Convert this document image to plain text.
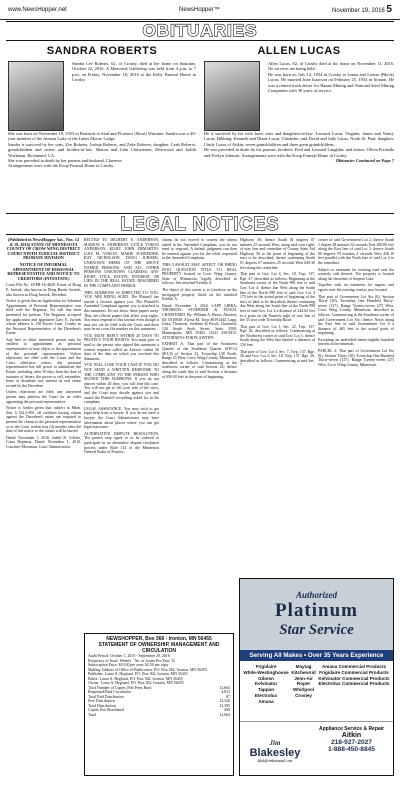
www.NewsHopper.net	NewsHopper™	November 19, 2016 5
OBITUARIES
SANDRA ROBERTS

Sandra Lee Roberts, 62, of Crosby, died at her home on Saturday, October 22, 2016. A Memorial Gathering was held from 4 p.m. to 7 p.m. on Friday, November 18, 2016 at the Kelly Funeral Home in Crosby.

She was born on November 18, 1953 in Brainerd to Stad and Florence (Short) Wimmer. Sandra was a 40-year member of the Ironton Lady of the Lakes Moose Lodge.

Sandra is survived by her sons, Zoe Roberts, Joshua Roberts, and Zeke Roberts; daughter, Leah Roberts; grandchildren and sisters and brother-in-law, Sharon and John Christensen, Deerwood and Judith Workman, Richmond, CA.

She was preceded in death by her parents and husband, Clarence.

Arrangements were with the Koop Funeral Home in Crosby.

ALLEN LUCAS

Allen Lucas, 82, of Crosby died at his home on November 11, 2016. No services are being held.

He was born on July 12, 1934 in Crosby to Lenus and Louise (Block) Lucas. He married June Isaacson on February 25, 1954 in Ironton. He was a retired truck driver for Hanna Mining and National Steel Mining Companies with 38 years of service.

He is survived by his wife June; sons and daughters-in-law: Leonard Lucas, Virginia; James and Nancy Lucas, Hibbing; Kenneth and Diane Lucas, Chisholm; and David and Judy Lucas, North St. Paul; daughter, Cindy Lucas of Aitkin; seven grandchildren and three great grandchildren.

He was preceded in death by his parents; brothers: Fred and Leonard Laughlin; and sisters: Olivia Puchalla and Evelyn Johnson. Arrangements were with the Koop Funeral Home in Crosby.

Obituaries Continued on Page 7

LEGAL NOTICES

(Published in NewsHopper Sat., Nov. 12 & 19, 2016) STATE OF MINNESOTA COUNTY OF CROW WING DISTRICT COURT NINTH JUDICIAL DISTRICT PROBATE DIVISION

NOTICE OF INFORMAL APPOINTMENT OF PERSONAL REPRESENTATIVE AND NOTICE TO CREDITORS (INTESTATE)

Court File No. 18-PR-16-4820. Estate of Doug E. Jurisek, also known as Doug Buster Jurisek, also known as Doug Jurisek, Decedent.

Notice is given that an Application for Informal Appointment of Personal Representative was filed with the Registrar. No will has been presented for probate. The Registrar accepted the application and appointed Gary E. Jurisek whose address is 130 Kuster Lane, Crosby as the Personal Representative of the Decedent's Estate.

Any heir or other interested person may be entitled to appointment as personal representative or may object to the appointment of the personal representative. Unless objections are filed with the Court and the Court otherwise orders, the personal representative has full power to administer the Estate, including, after 30 days from the date of issuance of letters, the power to sell, encumber, lease or distribute any interest in real estate owned by the Decedent.

Unless objections are filed, any interested person may petition the Court for an order appointing the personal representative.

Notice is further given that, subject to Minn. Stat. § 524.3-801, all creditors having claims against the Decedent's estate are required to present the claims to the personal representative or to the Court within four (4) months after the date of this notice or the claims will be barred.

Dated: November 1, 2016. Judith R. Collins, Court Registrar. Dated: November 1, 2016. Courtney Moorman, Court Administrator.

RECTED TO DELBERT E. ANDERSON, MARION S. ANDERSON, LYTLE YOKON ANDERSON, KILBY JOHN DEMARTIN, LOIS M. YOKON, MARIE SCHNEIDER, RAY NICHOLSON, DOUG JURISEK, UNKNOWN HEIRS OF THE ABOVE NAMED PERSONS, AND ALL OTHER PERSONS UNKNOWN CLAIMING ANY RIGHT, TITLE, ESTATE, INTEREST, OR LIEN IN THE REAL ESTATE DESCRIBED IN THE COMPLAINT HEREIN.

THIS SUMMONS IS DIRECTED TO YOU. YOU ARE BEING SUED. The Plaintiff has started a lawsuit against you. The Plaintiff's Amended Complaint against you is attached to this summons. Do not throw these papers away. They are official papers that affect your rights. You must respond to this lawsuit even though it may not yet be filed with the Court and there may be no court file number on this summons.

YOU MUST REPLY WITHIN 20 DAYS TO PROTECT YOUR RIGHTS. You must give or mail to the person who signed this summons a written response called an Answer within 20 days of the date on which you received this Summons.

YOU WILL LOSE YOUR CASE IF YOU DO NOT SEND A WRITTEN RESPONSE TO THE COMPLAINT TO THE PERSON WHO SIGNED THIS SUMMONS. If you do not answer within 20 days, you will lose this case. You will not get to tell your side of the story, and the Court may decide against you and award the Plaintiff everything asked for in the complaint.

LEGAL ASSISTANCE. You may wish to get legal help from a lawyer. If you do not have a lawyer, the Court Administrator may have information about places where you can get legal assistance.

ALTERNATIVE DISPUTE RESOLUTION. The parties may agree to or be ordered to participate in an alternative dispute resolution process under Rule 114 of the Minnesota General Rules of Practice.

claims do not exceed to contest the claims stated in the Amended Complaint, you do not need to respond. A default judgment can then be entered against you for the relief requested in the Amended Complaint.

THIS LAWSUIT MAY AFFECT OR BRING INTO QUESTION TITLE TO REAL PROPERTY located in Crow Wing County, State of Minnesota, legally described as follows: See attached Exhibit A.

The object of this action is to foreclose on the mortgaged property listed on the attached Exhibit A.

Dated: November 1, 2016. LAPP, LIBRA, THOMSON, STOEBNER & PUSCH, CHARTERED. By: William A. Hvass. Attorney ID: 0310848. Alyssa M. Toop #0391444. Lapp, Libra, Thomson, Stoebner & Pusch, Chartered, 120 South Sixth Street, Suite 2500, Minneapolis, MN 55402. (612) 338-5815. ATTORNEYS FOR PLAINTIFF.

EXHIBIT A. That part of the Southwest Quarter of the Southeast Quarter (SW1/4 SE1/4) of Section 22, Township 138 North, Range 25 West, Crow Wing County, Minnesota, described as follows: Commencing at the southwest corner of said Section 22; thence along the south line of said Section, a distance of 650.00 feet to the point of beginning.

Highway 56; thence South 01 degrees 07 minutes 25 seconds West, along said west right-of-way line and centerline of County State Aid Highway 56 to the point of beginning of the tract to be described; thence continuing South 01 degrees 07 minutes 25 seconds West 649.30 feet along the centerline.

That part of Gov. Lot 4, Sec. 18, Twp. 137, Rge. 27, described as follows: Beginning at the Southeast corner of the North 990 feet of said Gov. Lot 4; thence due West along the South line of the North 990 feet of said Gov. Lot 4 175 feet to the actual point of beginning of the tract of land to be described; thence continuing due West along the South line of the North 990 feet of said Gov. Lot 4 a distance of 244.62 feet to a point on the Easterly right of way line of the 33 foot wide Township Road.

That part of Gov. Lot 1, Sec. 22, Twp. 137, Rge. 28, described as follows: Commencing at the Northwest corner of said Gov. Lot 1; thence South along the West line thereof a distance of 150 feet.

That part of Gov. Lot 3, Sec. 7, Twp. 137, Rge. 26 and Gov. Lot 2, Sec. 18, Twp. 137, Rge. 26, described as follows: Commencing at said Sec. 7.

corner of said Government Lot 2; thence South 1 degree 28 minutes 32 seconds East 200.00 feet along the East line of said Lot 2; thence South 86 degrees 59 minutes 4 seconds West 430.10 feet parallel with the North line of said Lot 2 to the centerline.

Subject to easement for existing road over the westerly side thereof. The property is located along the shoreline of Serpent Lake.

Together with an easement for ingress and egress over the existing road as now located.

That part of Government Lot Six (6), Section Thirty (30), Township One Hundred Thirty-seven (137), Range Twenty-seven (27) West, Crow Wing County, Minnesota, described as follows: Commencing at the Southeast corner of said Government Lot Six; thence North along the East line of said Government Lot 6 a distance of 465 feet to the actual point of beginning.

Excepting an undivided ninety-eighths hundred interest in the minerals.

PARCEL 2: That part of Government Lot Six (6), Section Thirty (30), Township One Hundred Thirty-seven (137), Range Twenty-seven (27) West, Crow Wing County, Minnesota.

NEWSHOPPER, Box 366 · Ironton, MN 56455
STATEMENT OF OWNERSHIP, MANAGEMENT AND CIRCULATION
Audit Period: October 1, 2015 - September 30, 2016
Frequency of Issue: Weekly · No. of Issues Per Year: 52
Subscription Price: $10.00 per year; $2.50 per copy
Mailing Address of Office of Publication: P.O. Box 562, Ironton, MN 56455
Publisher: Laura A. Heglund, P.O. Box 562, Ironton, MN 56455
Editor: Laura A. Heglund, P.O. Box 562, Ironton, MN 56455
Owner: Laura A. Heglund, P.O. Box 562, Ironton, MN 56455
Total Number of Copies (Net Press Run)	12,664
Requested/Paid Circulation	4,813
Total Paid Distribution	67
Free Distribution	12,328
Total Distribution	12,395
Copies Not Distributed	269
Total	12,664
Authorized
Platinum
Star Service
Serving All Makes • Over 35 Years Experience
Frigidaire
White-Westinghouse
Gibson
Kelvinator
Tappan
Electrolux
Amana
Maytag
KitchenAid
Jenn-Air
Roper
Whirlpool
Crosley
Amana Commercial Products
Frigidaire Commercial Products
Kelvinator Commercial Products
Electrolux Commercial Products
Jim
Blakesley
jblak@embarqmail.com
Appliance Service & Repair
Aitkin
218-927-2027
1-888-450-8845
